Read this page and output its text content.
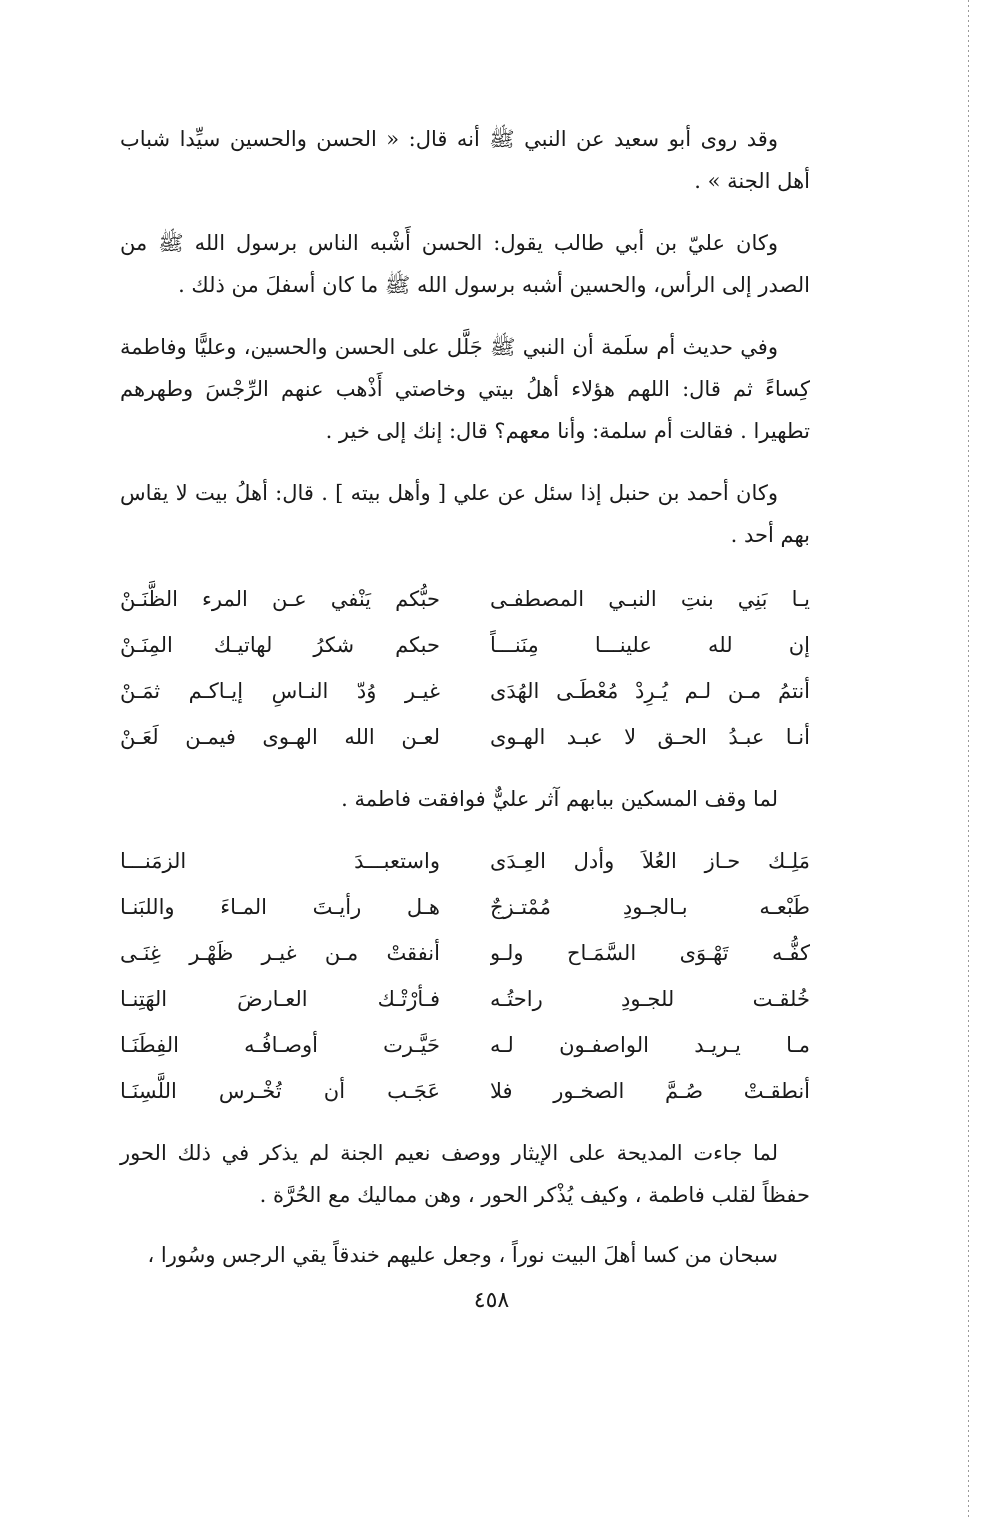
وقد روى أبو سعيد عن النبي ﷺ أنه قال: « الحسن والحسين سيِّدا شباب أهل الجنة » .

وكان عليّ بن أبي طالب يقول: الحسن أَشْبه الناس برسول الله ﷺ من الصدر إلى الرأس، والحسين أشبه برسول الله ﷺ ما كان أسفلَ من ذلك .

وفي حديث أم سلَمة أن النبي ﷺ جَلَّل على الحسن والحسين، وعليًّا وفاطمة كِساءً ثم قال: اللهم هؤلاء أهلُ بيتي وخاصتي أَذْهب عنهم الرِّجْسَ وطهرهم تطهيرا . فقالت أم سلمة: وأنا معهم؟ قال: إنك إلى خير .

وكان أحمد بن حنبل إذا سئل عن علي [ وأهل بيته ] . قال: أهلُ بيت لا يقاس بهم أحد .

يـا بَنِي بنتِ النبـي المصطفـى
حبُّكم يَنْفي عـن المرء الظَّنَـنْ
إن لله علينـــا مِنَنـــاً
حبكم شكرُ لهاتيـك المِنَـنْ
أنتمُ مـن لـم يُـرِدْ مُعْطَـى الهُدَى
غيـر وُدّ النـاسِ إيـاكـم ثمَـنْ
أنـا عبـدُ الحـق لا عبـد الهـوى
لعـن الله الهـوى فيمـن لَعَـنْ

لما وقف المسكين ببابهم آثر عليٌّ فوافقت فاطمة .

مَلِـك حـاز العُلاَ وأدل العِـدَى
واستعبـــدَ الزمَنـــا
طَبْعـه بـالجـودِ مُمْتـزجٌ
هـل رأيـتَ المـاءَ واللبَنـا
كفُّـه تَهْـوَى السَّمَـاح ولـو
أنفقتْ مـن غيـر ظَهْـر غِنَـى
خُلقـت للجـودِ راحتُـه
فـأرْتْـك العـارضَ الهَتِنـا
مـا يـريـد الواصفـون لـه
حَيَّـرت أوصـافُـه الفِطَنَـا
أنطقـتْ صُـمَّ الصخـور فلا
عَجَـب أن تُخْـرس اللَّسِنَـا

لما جاءت المديحة على الإيثار ووصف نعيم الجنة لم يذكر في ذلك الحور حفظاً لقلب فاطمة ، وكيف يُذْكر الحور ، وهن مماليك مع الحُرَّة .

سبحان من كسا أهلَ البيت نوراً ، وجعل عليهم خندقاً يقي الرجس وسُورا ،

٤٥٨
